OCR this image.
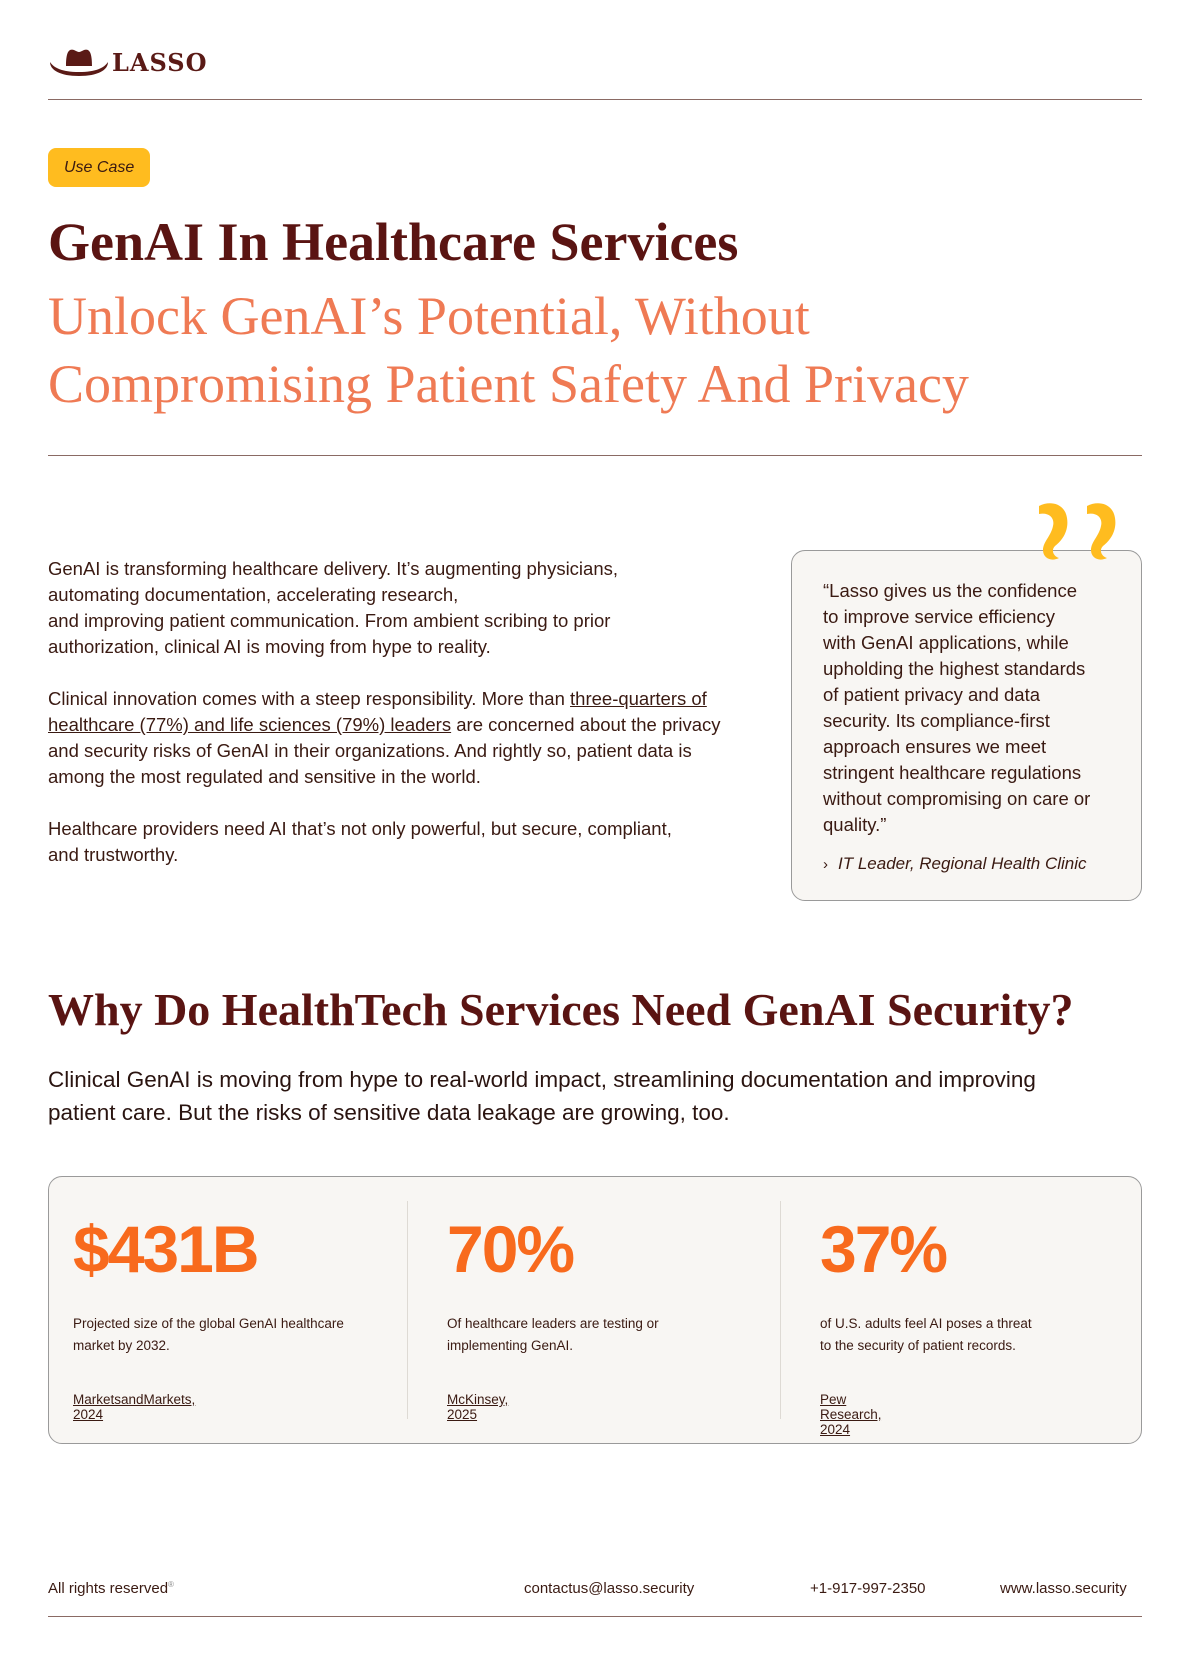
LASSO
Use Case
GenAI In Healthcare Services
Unlock GenAI’s Potential, Without
Compromising Patient Safety And Privacy

GenAI is transforming healthcare delivery. It’s augmenting physicians,
automating documentation, accelerating research,
and improving patient communication. From ambient scribing to prior
authorization, clinical AI is moving from hype to reality.

Clinical innovation comes with a steep responsibility. More than three-quarters of
healthcare (77%) and life sciences (79%) leaders are concerned about the privacy
and security risks of GenAI in their organizations. And rightly so, patient data is
among the most regulated and sensitive in the world.

Healthcare providers need AI that’s not only powerful, but secure, compliant,
and trustworthy.

“Lasso gives us the confidence
to improve service efficiency
with GenAI applications, while
upholding the highest standards
of patient privacy and data
security. Its compliance-first
approach ensures we meet
stringent healthcare regulations
without compromising on care or
quality.”
› IT Leader, Regional Health Clinic
Why Do HealthTech Services Need GenAI Security?
Clinical GenAI is moving from hype to real-world impact, streamlining documentation and improving
patient care. But the risks of sensitive data leakage are growing, too.
$431B
Projected size of the global GenAI healthcare
market by 2032.
MarketsandMarkets, 2024
70%
Of healthcare leaders are testing or
implementing GenAI.
McKinsey, 2025
37%
of U.S. adults feel AI poses a threat
to the security of patient records.
Pew Research, 2024
All rights reserved®	contactus@lasso.security	+1-917-997-2350	www.lasso.security
